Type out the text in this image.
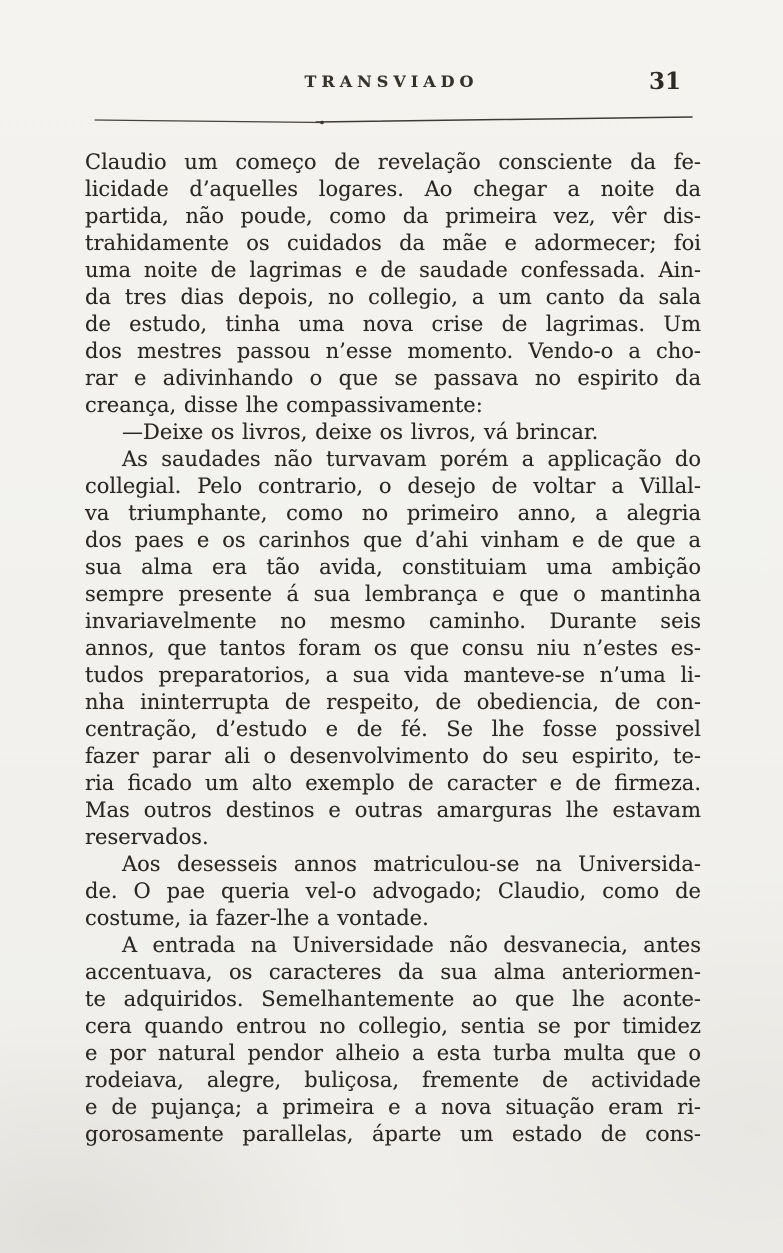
TRANSVIADO	31
Claudio um começo de revelação consciente da fe-
licidade d’aquelles logares. Ao chegar a noite da
partida, não poude, como da primeira vez, vêr dis-
trahidamente os cuidados da mãe e adormecer; foi
uma noite de lagrimas e de saudade confessada. Ain-
da tres dias depois, no collegio, a um canto da sala
de estudo, tinha uma nova crise de lagrimas. Um
dos mestres passou n’esse momento. Vendo-o a cho-
rar e adivinhando o que se passava no espirito da
creança, disse lhe compassivamente:
—Deixe os livros, deixe os livros, vá brincar.
As saudades não turvavam porém a applicação do
collegial. Pelo contrario, o desejo de voltar a Villal-
va triumphante, como no primeiro anno, a alegria
dos paes e os carinhos que d’ahi vinham e de que a
sua alma era tão avida, constituiam uma ambição
sempre presente á sua lembrança e que o mantinha
invariavelmente no mesmo caminho. Durante seis
annos, que tantos foram os que consu niu n’estes es-
tudos preparatorios, a sua vida manteve-se n’uma li-
nha ininterrupta de respeito, de obediencia, de con-
centração, d’estudo e de fé. Se lhe fosse possivel
fazer parar ali o desenvolvimento do seu espirito, te-
ria ficado um alto exemplo de caracter e de firmeza.
Mas outros destinos e outras amarguras lhe estavam
reservados.
Aos desesseis annos matriculou-se na Universida-
de. O pae queria vel-o advogado; Claudio, como de
costume, ia fazer-lhe a vontade.
A entrada na Universidade não desvanecia, antes
accentuava, os caracteres da sua alma anteriormen-
te adquiridos. Semelhantemente ao que lhe aconte-
cera quando entrou no collegio, sentia se por timidez
e por natural pendor alheio a esta turba multa que o
rodeiava, alegre, buliçosa, fremente de actividade
e de pujança; a primeira e a nova situação eram ri-
gorosamente parallelas, áparte um estado de cons-
